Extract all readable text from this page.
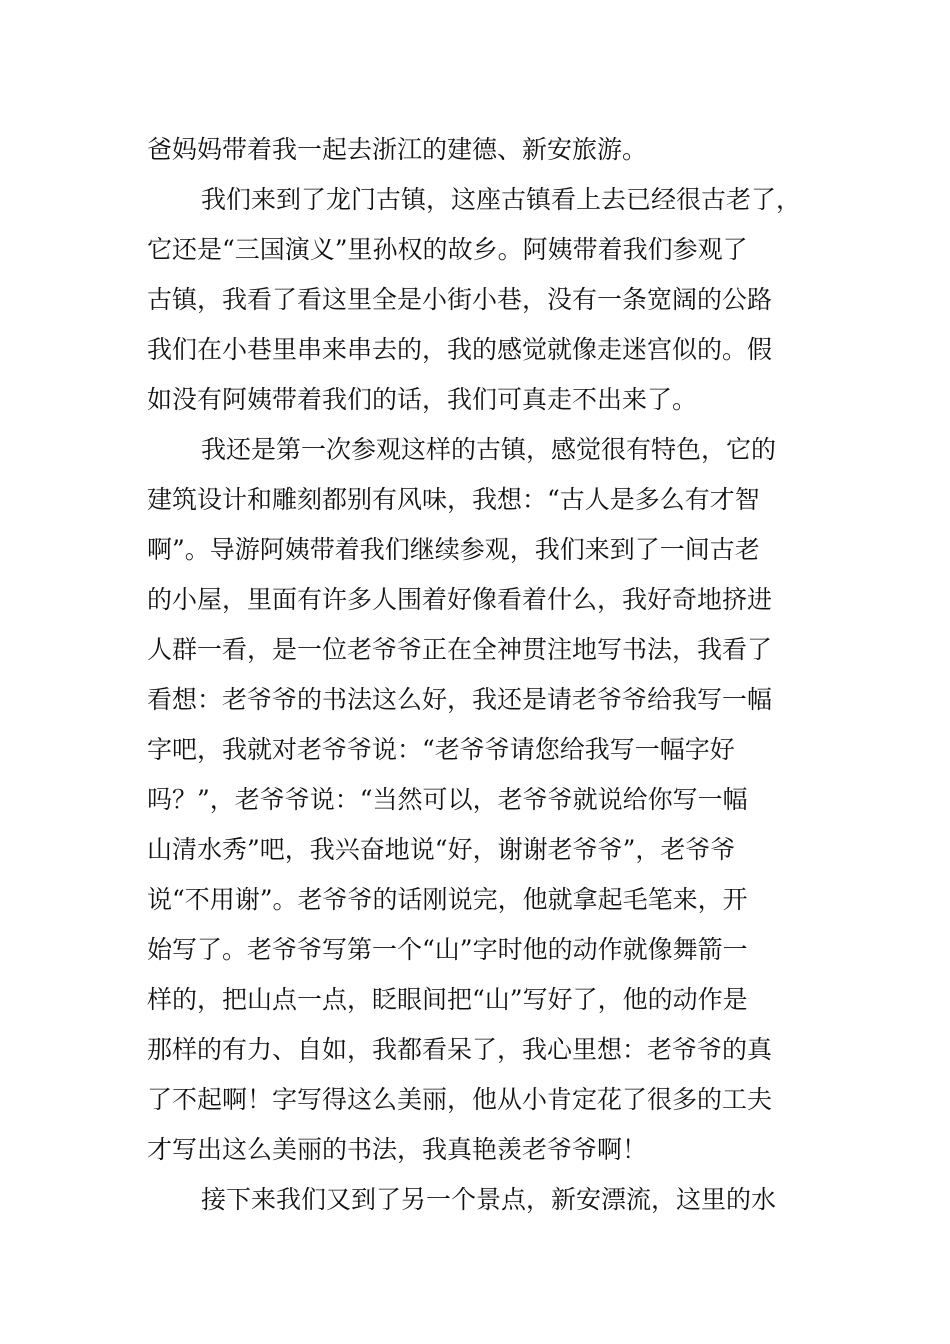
爸妈妈带着我一起去浙江的建德、新安旅游。
我们来到了龙门古镇，这座古镇看上去已经很古老了，
它还是“三国演义”里孙权的故乡。阿姨带着我们参观了
古镇，我看了看这里全是小街小巷，没有一条宽阔的公路
我们在小巷里串来串去的，我的感觉就像走迷宫似的。假
如没有阿姨带着我们的话，我们可真走不出来了。
我还是第一次参观这样的古镇，感觉很有特色，它的
建筑设计和雕刻都别有风味，我想：“古人是多么有才智
啊”。导游阿姨带着我们继续参观，我们来到了一间古老
的小屋，里面有许多人围着好像看着什么，我好奇地挤进
人群一看，是一位老爷爷正在全神贯注地写书法，我看了
看想：老爷爷的书法这么好，我还是请老爷爷给我写一幅
字吧，我就对老爷爷说：“老爷爷请您给我写一幅字好
吗？”，老爷爷说：“当然可以，老爷爷就说给你写一幅
山清水秀”吧，我兴奋地说“好，谢谢老爷爷”，老爷爷
说“不用谢”。老爷爷的话刚说完，他就拿起毛笔来，开
始写了。老爷爷写第一个“山”字时他的动作就像舞箭一
样的，把山点一点，眨眼间把“山”写好了，他的动作是
那样的有力、自如，我都看呆了，我心里想：老爷爷的真
了不起啊！字写得这么美丽，他从小肯定花了很多的工夫
才写出这么美丽的书法，我真艳羡老爷爷啊！
接下来我们又到了另一个景点，新安漂流，这里的水
